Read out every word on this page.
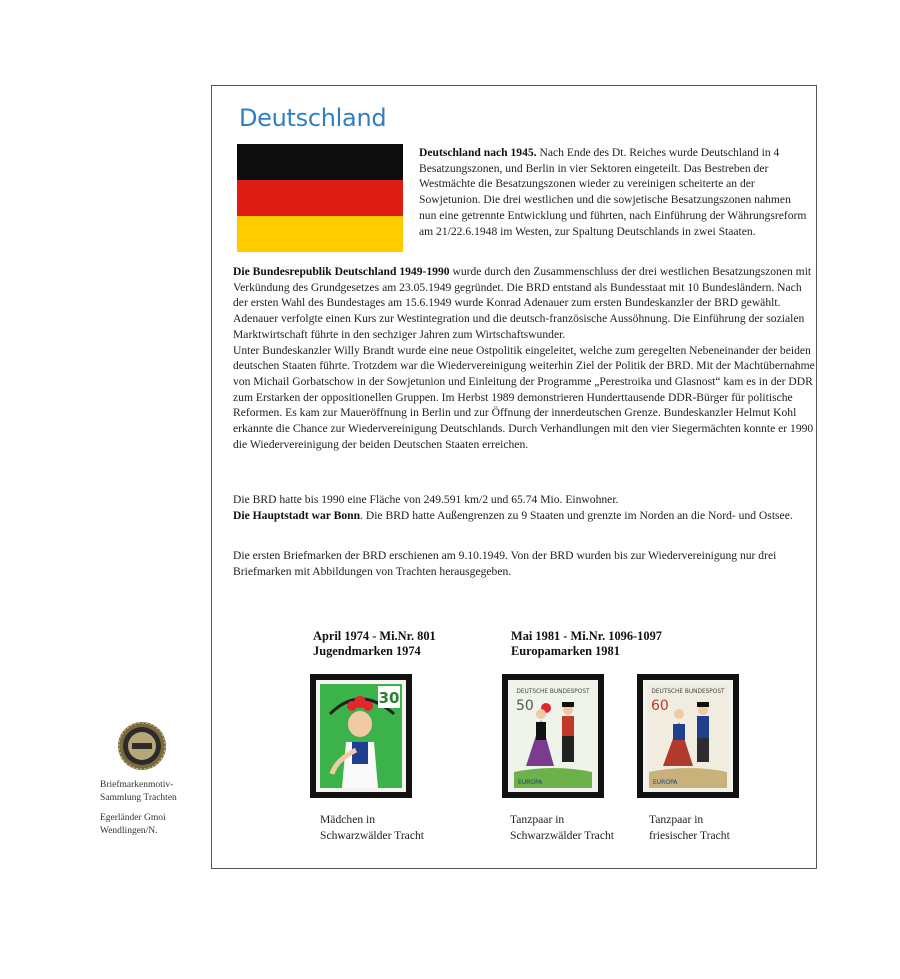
Deutschland

Deutschland nach 1945. Nach Ende des Dt. Reiches wurde Deutschland in 4 Besatzungszonen, und Berlin in vier Sektoren eingeteilt. Das Bestreben der Westmächte die Besatzungszonen wieder zu vereinigen scheiterte an der Sowjetunion. Die drei westlichen und die sowjetische Besatzungszonen nahmen nun eine getrennte Entwicklung und führten, nach Einführung der Währungsreform am 21/22.6.1948 im Westen, zur Spaltung Deutschlands in zwei Staaten.

Die Bundesrepublik Deutschland 1949-1990 wurde durch den Zusammenschluss der drei westlichen Besatzungszonen mit Verkündung des Grundgesetzes am 23.05.1949 gegründet. Die BRD entstand als Bundesstaat mit 10 Bundesländern. Nach der ersten Wahl des Bundestages am 15.6.1949 wurde Konrad Adenauer zum ersten Bundeskanzler der BRD gewählt. Adenauer verfolgte einen Kurs zur Westintegration und die deutsch-französische Aussöhnung. Die Einführung der sozialen Marktwirtschaft führte in den sechziger Jahren zum Wirtschaftswunder.
Unter Bundeskanzler Willy Brandt wurde eine neue Ostpolitik eingeleitet, welche zum geregelten Nebeneinander der beiden deutschen Staaten führte. Trotzdem war die Wiedervereinigung weiterhin Ziel der Politik der BRD. Mit der Machtübernahme von Michail Gorbatschow in der Sowjetunion und Einleitung der Programme „Perestroika und Glasnost“ kam es in der DDR zum Erstarken der oppositionellen Gruppen. Im Herbst 1989 demonstrieren Hunderttausende DDR-Bürger für politische Reformen. Es kam zur Maueröffnung in Berlin und zur Öffnung der innerdeutschen Grenze. Bundeskanzler Helmut Kohl erkannte die Chance zur Wiedervereinigung Deutschlands. Durch Verhandlungen mit den vier Siegermächten konnte er 1990 die Wiedervereinigung der beiden Deutschen Staaten erreichen.

Die BRD hatte bis 1990 eine Fläche von 249.591 km/2 und 65.74 Mio. Einwohner.
Die Hauptstadt war Bonn. Die BRD hatte Außengrenzen zu 9 Staaten und grenzte im Norden an die Nord- und Ostsee.

Die ersten Briefmarken der BRD erschienen am 9.10.1949. Von der BRD wurden bis zur Wiedervereinigung nur drei Briefmarken mit Abbildungen von Trachten herausgegeben.

April 1974 - Mi.Nr. 801
Jugendmarken 1974
Mai 1981 - Mi.Nr. 1096-1097
Europamarken 1981
30	DEUTSCHE BUNDESPOST
50
EUROPA
DEUTSCHE BUNDESPOST
60
EUROPA
Mädchen in
Schwarzwälder Tracht
Tanzpaar in
Schwarzwälder Tracht
Tanzpaar in
friesischer Tracht
Briefmarkenmotiv-
Sammlung Trachten
Egerländer Gmoi
Wendlingen/N.
